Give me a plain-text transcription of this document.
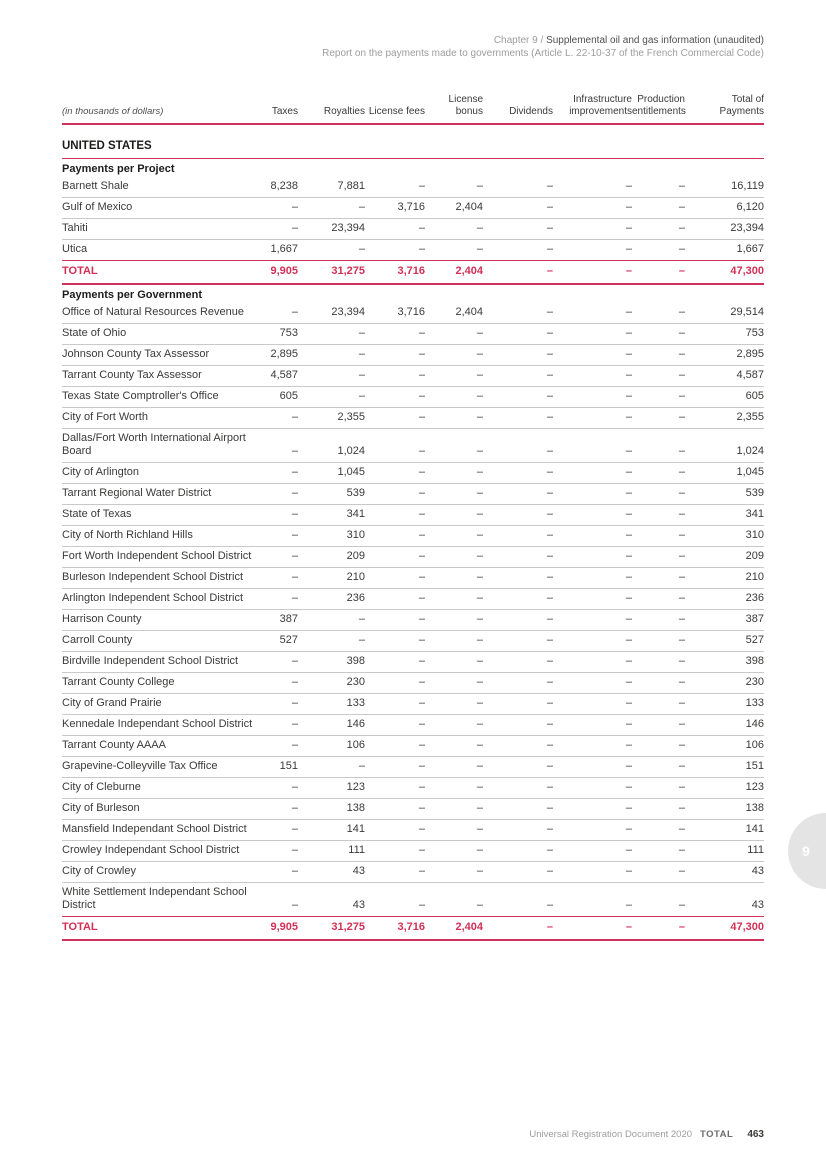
Chapter 9 / Supplemental oil and gas information (unaudited)
Report on the payments made to governments (Article L. 22-10-37 of the French Commercial Code)
(in thousands of dollars)	Taxes	Royalties	License fees	License bonus	Dividends	Infrastructure improvements	Production entitlements	Total of Payments
UNITED STATES								
Payments per Project								
Barnett Shale	8,238	7,881	–	–	–	–	–	16,119
Gulf of Mexico	–	–	3,716	2,404	–	–	–	6,120
Tahiti	–	23,394	–	–	–	–	–	23,394
Utica	1,667	–	–	–	–	–	–	1,667
TOTAL	9,905	31,275	3,716	2,404	–	–	–	47,300
Payments per Government								
Office of Natural Resources Revenue	–	23,394	3,716	2,404	–	–	–	29,514
State of Ohio	753	–	–	–	–	–	–	753
Johnson County Tax Assessor	2,895	–	–	–	–	–	–	2,895
Tarrant County Tax Assessor	4,587	–	–	–	–	–	–	4,587
Texas State Comptroller's Office	605	–	–	–	–	–	–	605
City of Fort Worth	–	2,355	–	–	–	–	–	2,355
Dallas/Fort Worth International Airport Board	–	1,024	–	–	–	–	–	1,024
City of Arlington	–	1,045	–	–	–	–	–	1,045
Tarrant Regional Water District	–	539	–	–	–	–	–	539
State of Texas	–	341	–	–	–	–	–	341
City of North Richland Hills	–	310	–	–	–	–	–	310
Fort Worth Independent School District	–	209	–	–	–	–	–	209
Burleson Independent School District	–	210	–	–	–	–	–	210
Arlington Independent School District	–	236	–	–	–	–	–	236
Harrison County	387	–	–	–	–	–	–	387
Carroll County	527	–	–	–	–	–	–	527
Birdville Independent School District	–	398	–	–	–	–	–	398
Tarrant County College	–	230	–	–	–	–	–	230
City of Grand Prairie	–	133	–	–	–	–	–	133
Kennedale Independant School District	–	146	–	–	–	–	–	146
Tarrant County AAAA	–	106	–	–	–	–	–	106
Grapevine-Colleyville Tax Office	151	–	–	–	–	–	–	151
City of Cleburne	–	123	–	–	–	–	–	123
City of Burleson	–	138	–	–	–	–	–	138
Mansfield Independant School District	–	141	–	–	–	–	–	141
Crowley Independant School District	–	111	–	–	–	–	–	111
City of Crowley	–	43	–	–	–	–	–	43
White Settlement Independant School District	–	43	–	–	–	–	–	43
TOTAL	9,905	31,275	3,716	2,404	–	–	–	47,300
9
Universal Registration Document 2020 TOTAL 463
